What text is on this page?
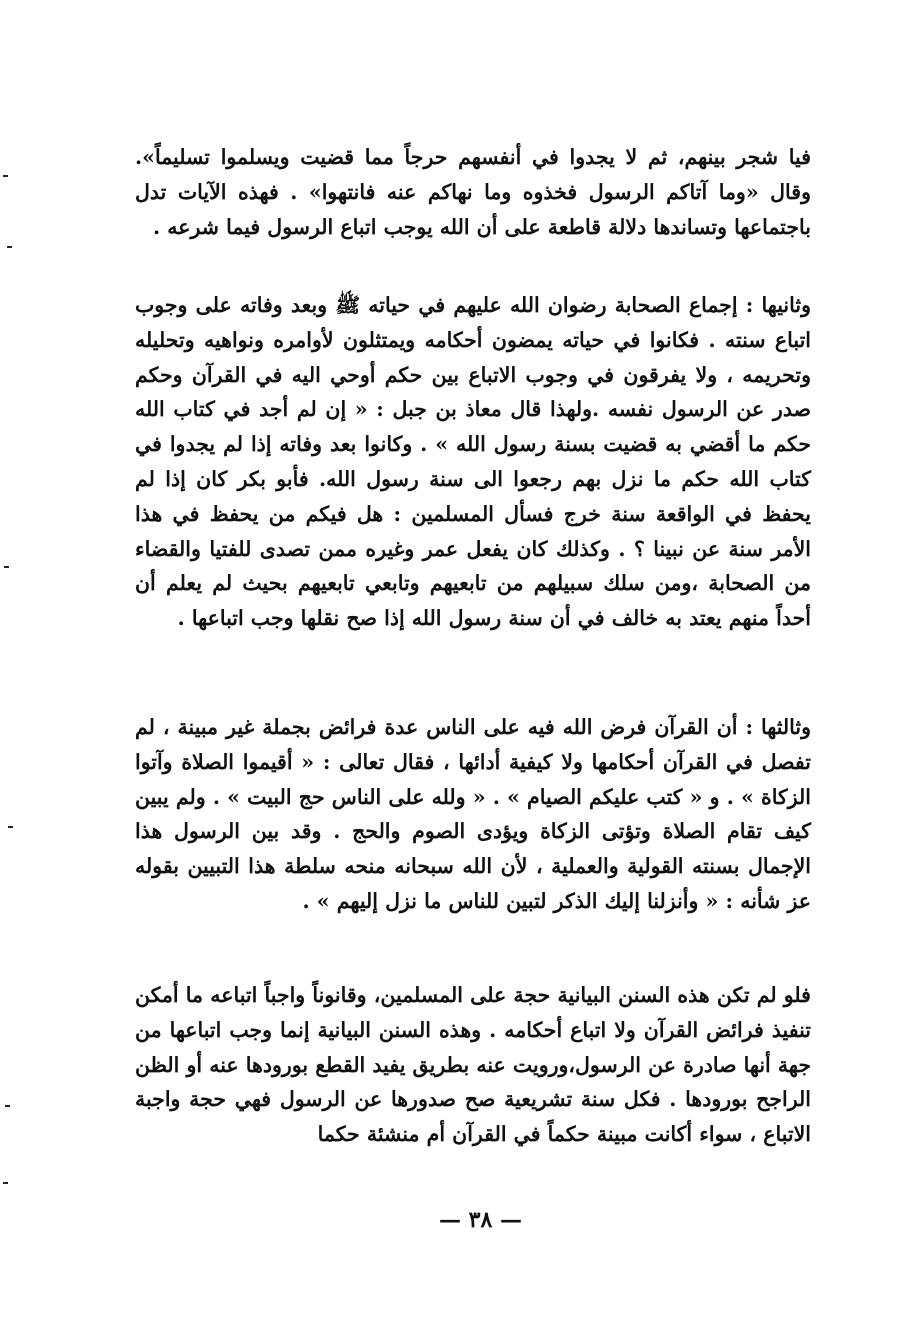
فيا شجر بينهم، ثم لا يجدوا في أنفسهم حرجاً مما قضيت ويسلموا تسليماً». وقال «وما آتاكم الرسول فخذوه وما نهاكم عنه فانتهوا» . فهذه الآيات تدل باجتماعها وتساندها دلالة قاطعة على أن الله يوجب اتباع الرسول فيما شرعه .

وثانيها : إجماع الصحابة رضوان الله عليهم في حياته ﷺ وبعد وفاته على وجوب اتباع سنته . فكانوا في حياته يمضون أحكامه ويمتثلون لأوامره ونواهيه وتحليله وتحريمه ، ولا يفرقون في وجوب الاتباع بين حكم أوحي اليه في القرآن وحكم صدر عن الرسول نفسه .ولهذا قال معاذ بن جبل : « إن لم أجد في كتاب الله حكم ما أقضي به قضيت بسنة رسول الله » . وكانوا بعد وفاته إذا لم يجدوا في كتاب الله حكم ما نزل بهم رجعوا الى سنة رسول الله. فأبو بكر كان إذا لم يحفظ في الواقعة سنة خرج فسأل المسلمين : هل فيكم من يحفظ في هذا الأمر سنة عن نبينا ؟ . وكذلك كان يفعل عمر وغيره ممن تصدى للفتيا والقضاء من الصحابة ،ومن سلك سبيلهم من تابعيهم وتابعي تابعيهم بحيث لم يعلم أن أحداً منهم يعتد به خالف في أن سنة رسول الله إذا صح نقلها وجب اتباعها .

وثالثها : أن القرآن فرض الله فيه على الناس عدة فرائض بجملة غير مبينة ، لم تفصل في القرآن أحكامها ولا كيفية أدائها ، فقال تعالى : « أقيموا الصلاة وآتوا الزكاة » . و « كتب عليكم الصيام » . « ولله على الناس حج البيت » . ولم يبين كيف تقام الصلاة وتؤتى الزكاة ويؤدى الصوم والحج . وقد بين الرسول هذا الإجمال بسنته القولية والعملية ، لأن الله سبحانه منحه سلطة هذا التبيين بقوله عز شأنه : « وأنزلنا إليك الذكر لتبين للناس ما نزل إليهم » .

فلو لم تكن هذه السنن البيانية حجة على المسلمين، وقانوناً واجباً اتباعه ما أمكن تنفيذ فرائض القرآن ولا اتباع أحكامه . وهذه السنن البيانية إنما وجب اتباعها من جهة أنها صادرة عن الرسول،ورويت عنه بطريق يفيد القطع بورودها عنه أو الظن الراجح بورودها . فكل سنة تشريعية صح صدورها عن الرسول فهي حجة واجبة الاتباع ، سواء أكانت مبينة حكماً في القرآن أم منشئة حكما

— ٣٨ —
